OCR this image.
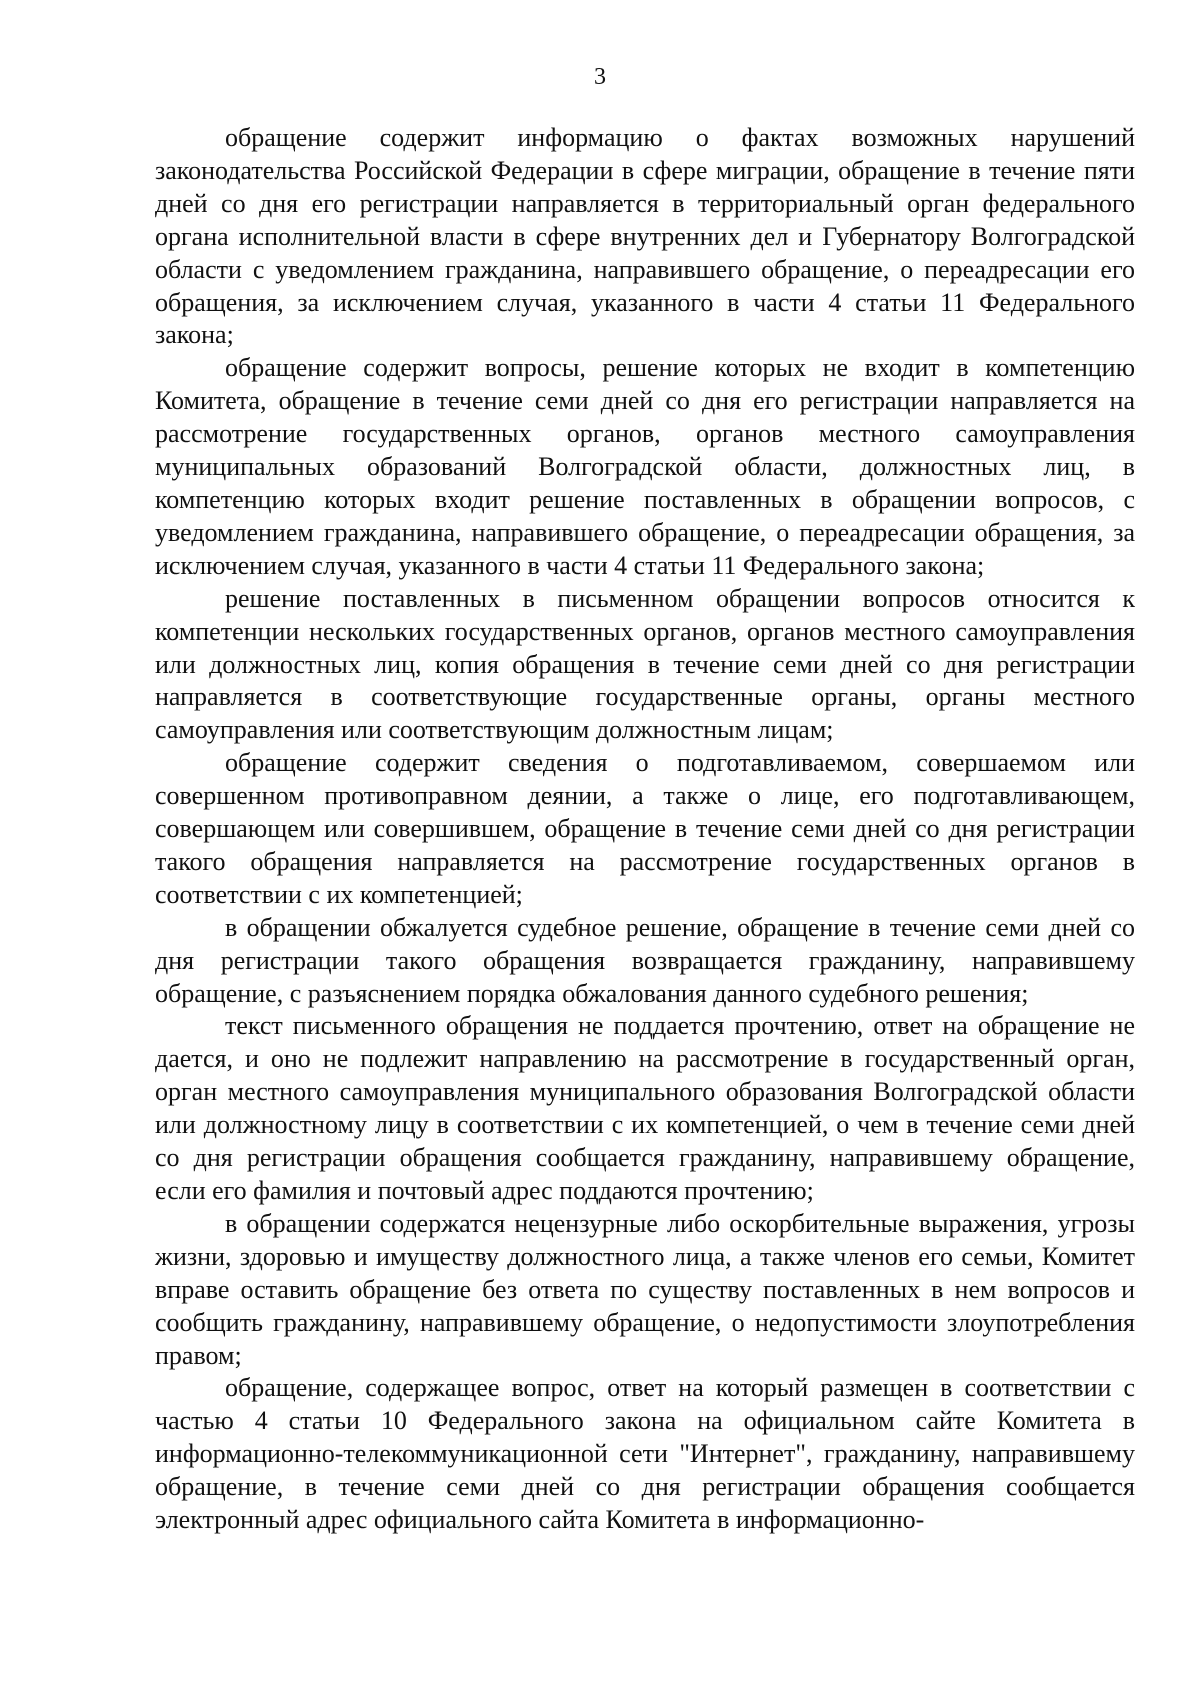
3

обращение содержит информацию о фактах возможных нарушений законодательства Российской Федерации в сфере миграции, обращение в течение пяти дней со дня его регистрации направляется в территориальный орган федерального органа исполнительной власти в сфере внутренних дел и Губернатору Волгоградской области с уведомлением гражданина, направившего обращение, о переадресации его обращения, за исключением случая, указанного в части 4 статьи 11 Федерального закона;

обращение содержит вопросы, решение которых не входит в компетенцию Комитета, обращение в течение семи дней со дня его регистрации направляется на рассмотрение государственных органов, органов местного самоуправления муниципальных образований Волгоградской области, должностных лиц, в компетенцию которых входит решение поставленных в обращении вопросов, с уведомлением гражданина, направившего обращение, о переадресации обращения, за исключением случая, указанного в части 4 статьи 11 Федерального закона;

решение поставленных в письменном обращении вопросов относится к компетенции нескольких государственных органов, органов местного самоуправления или должностных лиц, копия обращения в течение семи дней со дня регистрации направляется в соответствующие государственные органы, органы местного самоуправления или соответствующим должностным лицам;

обращение содержит сведения о подготавливаемом, совершаемом или совершенном противоправном деянии, а также о лице, его подготавливающем, совершающем или совершившем, обращение в течение семи дней со дня регистрации такого обращения направляется на рассмотрение государственных органов в соответствии с их компетенцией;

в обращении обжалуется судебное решение, обращение в течение семи дней со дня регистрации такого обращения возвращается гражданину, направившему обращение, с разъяснением порядка обжалования данного судебного решения;

текст письменного обращения не поддается прочтению, ответ на обращение не дается, и оно не подлежит направлению на рассмотрение в государственный орган, орган местного самоуправления муниципального образования Волгоградской области или должностному лицу в соответствии с их компетенцией, о чем в течение семи дней со дня регистрации обращения сообщается гражданину, направившему обращение, если его фамилия и почтовый адрес поддаются прочтению;

в обращении содержатся нецензурные либо оскорбительные выражения, угрозы жизни, здоровью и имуществу должностного лица, а также членов его семьи, Комитет вправе оставить обращение без ответа по существу поставленных в нем вопросов и сообщить гражданину, направившему обращение, о недопустимости злоупотребления правом;

обращение, содержащее вопрос, ответ на который размещен в соответствии с частью 4 статьи 10 Федерального закона на официальном сайте Комитета в информационно-телекоммуникационной сети "Интернет", гражданину, направившему обращение, в течение семи дней со дня регистрации обращения сообщается электронный адрес официального сайта Комитета в информационно-
